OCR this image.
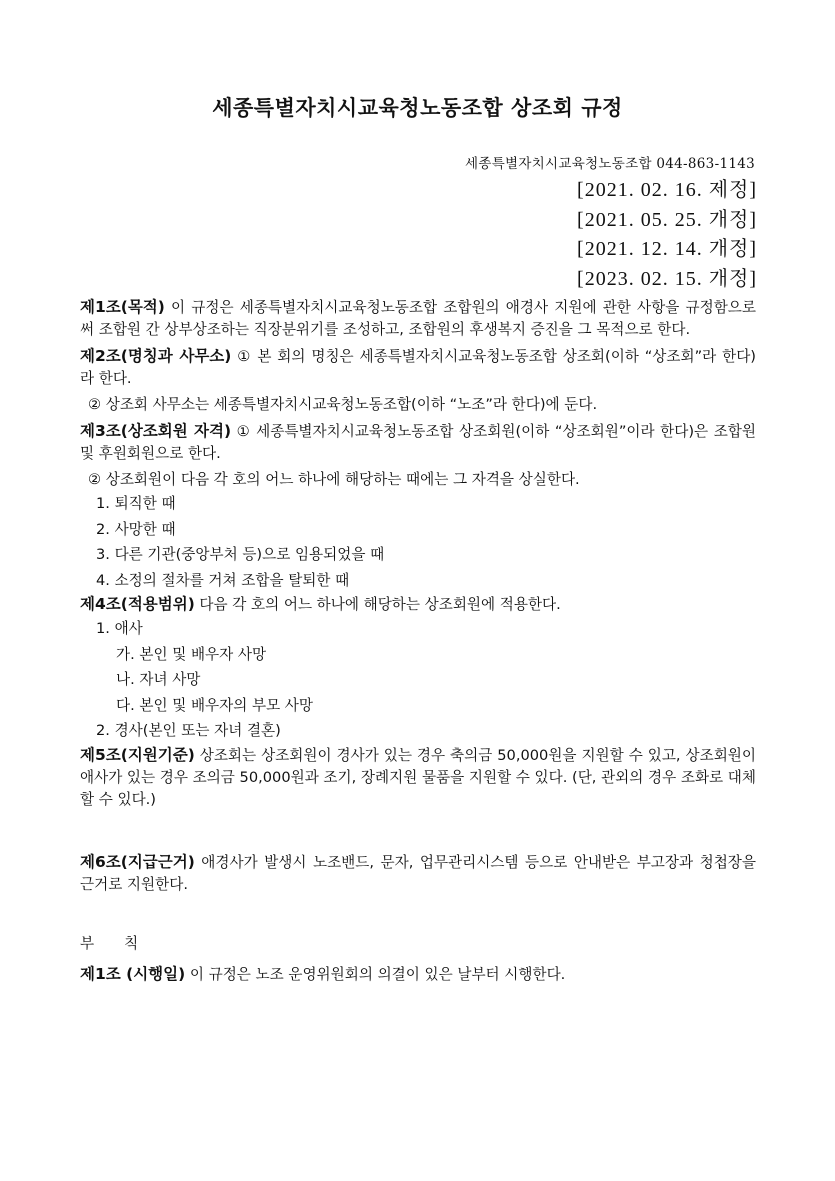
세종특별자치시교육청노동조합 상조회 규정
세종특별자치시교육청노동조합 044-863-1143
[2021. 02. 16. 제정]
[2021. 05. 25. 개정]
[2021. 12. 14. 개정]
[2023. 02. 15. 개정]
제1조(목적) 이 규정은 세종특별자치시교육청노동조합 조합원의 애경사 지원에 관한 사항을 규정함으로써 조합원 간 상부상조하는 직장분위기를 조성하고, 조합원의 후생복지 증진을 그 목적으로 한다.
제2조(명칭과 사무소) ① 본 회의 명칭은 세종특별자치시교육청노동조합 상조회(이하 “상조회”라 한다)라 한다.
② 상조회 사무소는 세종특별자치시교육청노동조합(이하 “노조”라 한다)에 둔다.
제3조(상조회원 자격) ① 세종특별자치시교육청노동조합 상조회원(이하 “상조회원”이라 한다)은 조합원 및 후원회원으로 한다.
② 상조회원이 다음 각 호의 어느 하나에 해당하는 때에는 그 자격을 상실한다.
1. 퇴직한 때
2. 사망한 때
3. 다른 기관(중앙부처 등)으로 임용되었을 때
4. 소정의 절차를 거쳐 조합을 탈퇴한 때
제4조(적용범위) 다음 각 호의 어느 하나에 해당하는 상조회원에 적용한다.
1. 애사
가. 본인 및 배우자 사망
나. 자녀 사망
다. 본인 및 배우자의 부모 사망
2. 경사(본인 또는 자녀 결혼)
제5조(지원기준) 상조회는 상조회원이 경사가 있는 경우 축의금 50,000원을 지원할 수 있고, 상조회원이 애사가 있는 경우 조의금 50,000원과 조기, 장례지원 물품을 지원할 수 있다. (단, 관외의 경우 조화로 대체할 수 있다.)
제6조(지급근거) 애경사가 발생시 노조밴드, 문자, 업무관리시스템 등으로 안내받은 부고장과 청첩장을 근거로 지원한다.
부 칙
제1조 (시행일) 이 규정은 노조 운영위원회의 의결이 있은 날부터 시행한다.
